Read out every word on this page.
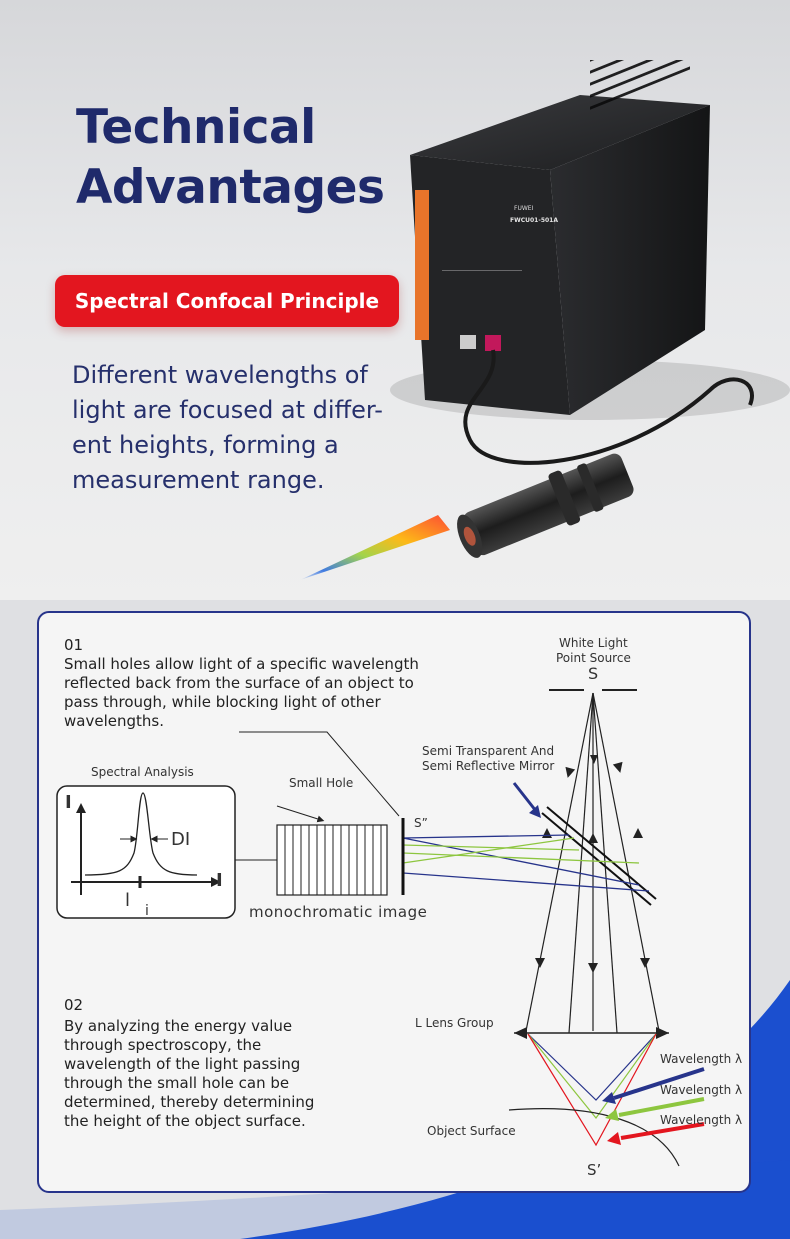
FUWEI
FWCU01-501A
Technical
Advantages
Spectral Confocal Principle
Different wavelengths of
light are focused at differ-
ent heights, forming a
measurement range.
01
Small holes allow light of a specific wavelength
reflected back from the surface of an object to
pass through, while blocking light of other
wavelengths.
02
By analyzing the energy value
through spectroscopy, the
wavelength of the light passing
through the small hole can be
determined, thereby determining
the height of the object surface.
White Light
Point Source
S
Semi Transparent And
Semi Reflective Mirror
Spectral Analysis
Small Hole
S”
I
I
DI
l i	monochromatic image
L Lens Group
Wavelength λ
Wavelength λ
Wavelength λ
Object Surface
S’
